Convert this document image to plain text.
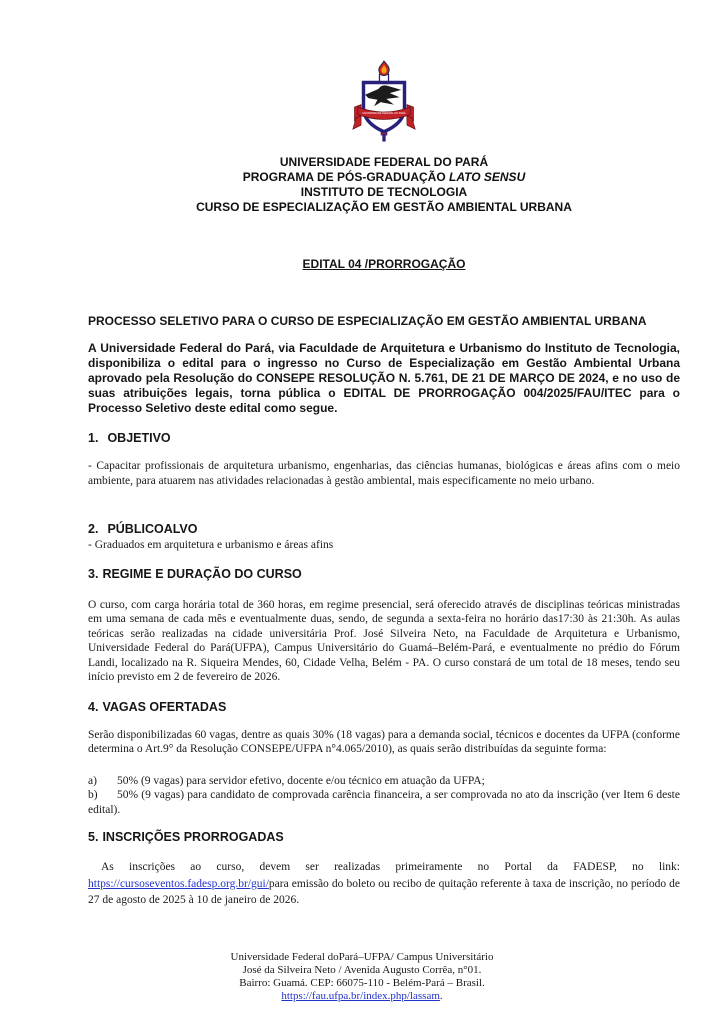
UNIVERSIDADE FEDERAL DO PARÁ
UNIVERSIDADE FEDERAL DO PARÁ
PROGRAMA DE PÓS-GRADUAÇÃO LATO SENSU
INSTITUTO DE TECNOLOGIA
CURSO DE ESPECIALIZAÇÃO EM GESTÃO AMBIENTAL URBANA
EDITAL 04 /PRORROGAÇÃO
PROCESSO SELETIVO PARA O CURSO DE ESPECIALIZAÇÃO EM GESTÃO AMBIENTAL URBANA
A Universidade Federal do Pará, via Faculdade de Arquitetura e Urbanismo do Instituto de Tecnologia, disponibiliza o edital para o ingresso no Curso de Especialização em Gestão Ambiental Urbana aprovado pela Resolução do CONSEPE RESOLUÇÃO N. 5.761, DE 21 DE MARÇO DE 2024, e no uso de suas atribuições legais, torna pública o EDITAL DE PRORROGAÇÃO 004/2025/FAU/ITEC para o Processo Seletivo deste edital como segue.
1. OBJETIVO
- Capacitar profissionais de arquitetura urbanismo, engenharias, das ciências humanas, biológicas e áreas afins com o meio ambiente, para atuarem nas atividades relacionadas à gestão ambiental, mais especificamente no meio urbano.
2. PÚBLICOALVO
- Graduados em arquitetura e urbanismo e áreas afins
3. REGIME E DURAÇÃO DO CURSO
O curso, com carga horária total de 360 horas, em regime presencial, será oferecido através de disciplinas teóricas ministradas em uma semana de cada mês e eventualmente duas, sendo, de segunda a sexta-feira no horário das17:30 às 21:30h. As aulas teóricas serão realizadas na cidade universitária Prof. José Silveira Neto, na Faculdade de Arquitetura e Urbanismo, Universidade Federal do Pará(UFPA), Campus Universitário do Guamá–Belém-Pará, e eventualmente no prédio do Fórum Landi, localizado na R. Siqueira Mendes, 60, Cidade Velha, Belém - PA. O curso constará de um total de 18 meses, tendo seu início previsto em 2 de fevereiro de 2026.
4. VAGAS OFERTADAS
Serão disponibilizadas 60 vagas, dentre as quais 30% (18 vagas) para a demanda social, técnicos e docentes da UFPA (conforme determina o Art.9° da Resolução CONSEPE/UFPA n°4.065/2010), as quais serão distribuídas da seguinte forma:
a) 50% (9 vagas) para servidor efetivo, docente e/ou técnico em atuação da UFPA;
b) 50% (9 vagas) para candidato de comprovada carência financeira, a ser comprovada no ato da inscrição (ver Item 6 deste edital).
5. INSCRIÇÕES PRORROGADAS
As inscrições ao curso, devem ser realizadas primeiramente no Portal da FADESP, no link: https://cursoseventos.fadesp.org.br/gui/para emissão do boleto ou recibo de quitação referente à taxa de inscrição, no período de 27 de agosto de 2025 à 10 de janeiro de 2026.
Universidade Federal doPará–UFPA/ Campus Universitário
José da Silveira Neto / Avenida Augusto Corrêa, n°01.
Bairro: Guamá. CEP: 66075-110 - Belém-Pará – Brasil.
https://fau.ufpa.br/index.php/lassam.
